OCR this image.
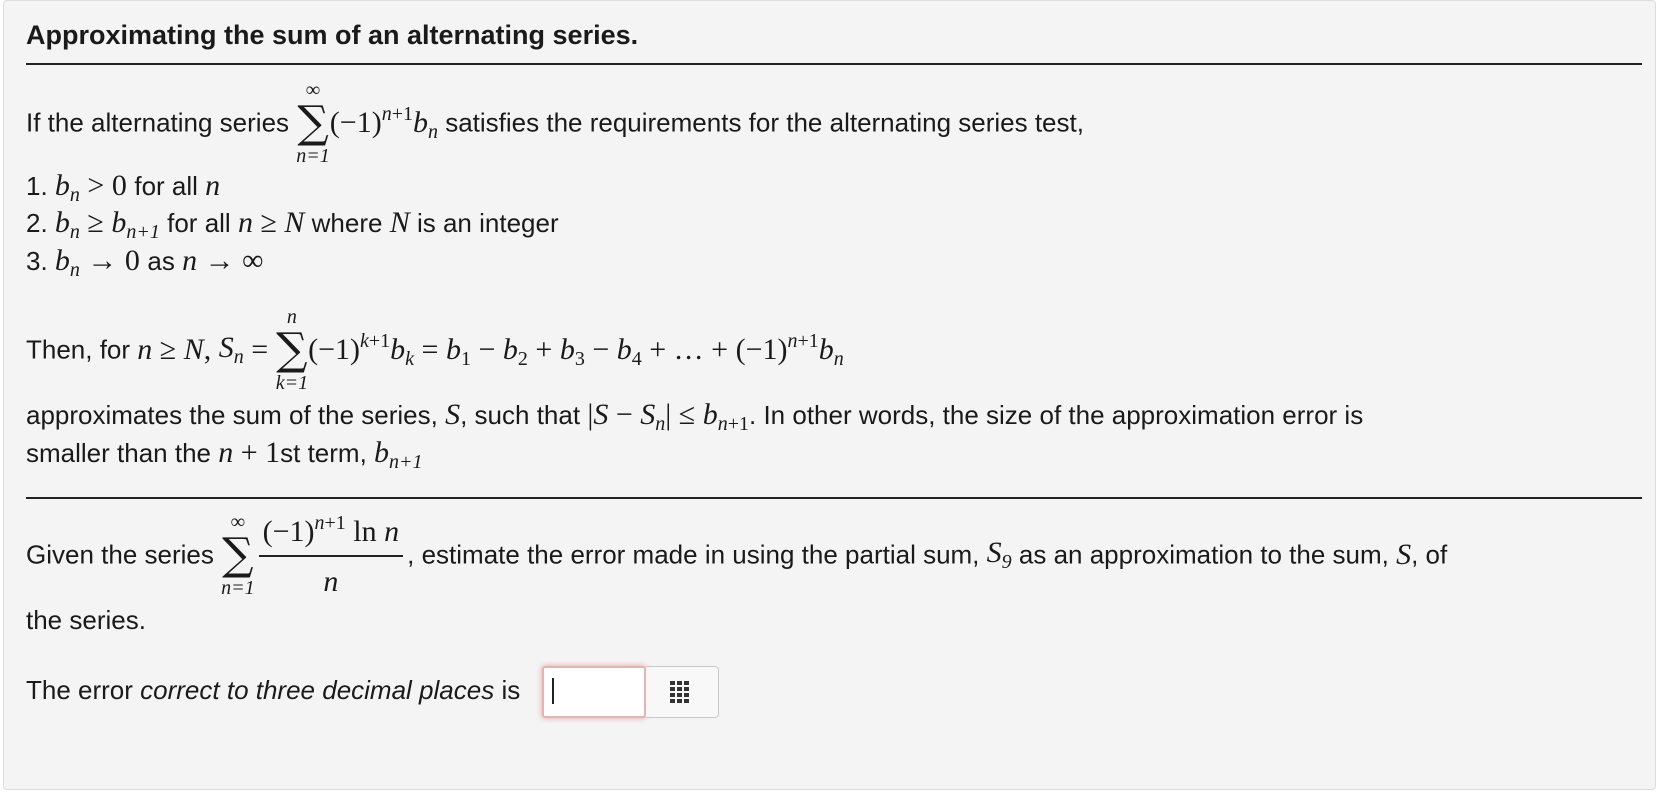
Approximating the sum of an alternating series.
If the alternating series
∞
∑
n=1
$(-1)^{n+1}b_n$ satisfies the requirements for the alternating series test,
1. $b_n > 0$ for all n
2. $b_n \ge b_{n+1}$ for all n ≥ N where N is an integer
3. $b_n \to 0$ as n → ∞
Then, for n ≥ N, $S_n$ =
n
∑
k=1
$(-1)^{k+1}b_k = b_1 - b_2 + b_3 - b_4$ + … + $(-1)^{n+1}b_n$
approximates the sum of the series, S, such that $|S - S_n| \le b_{n+1}$. In other words, the size of the approximation error is
smaller than the n + 1st term, $b_{n+1}$
Given the series
∞
∑
$n=1 \frac{(-1)^{n+1} \ln n}{n}$ , estimate the error made in using the partial sum, $S_9$ as an approximation to the sum, S, of
the series.
The error correct to three decimal places is
